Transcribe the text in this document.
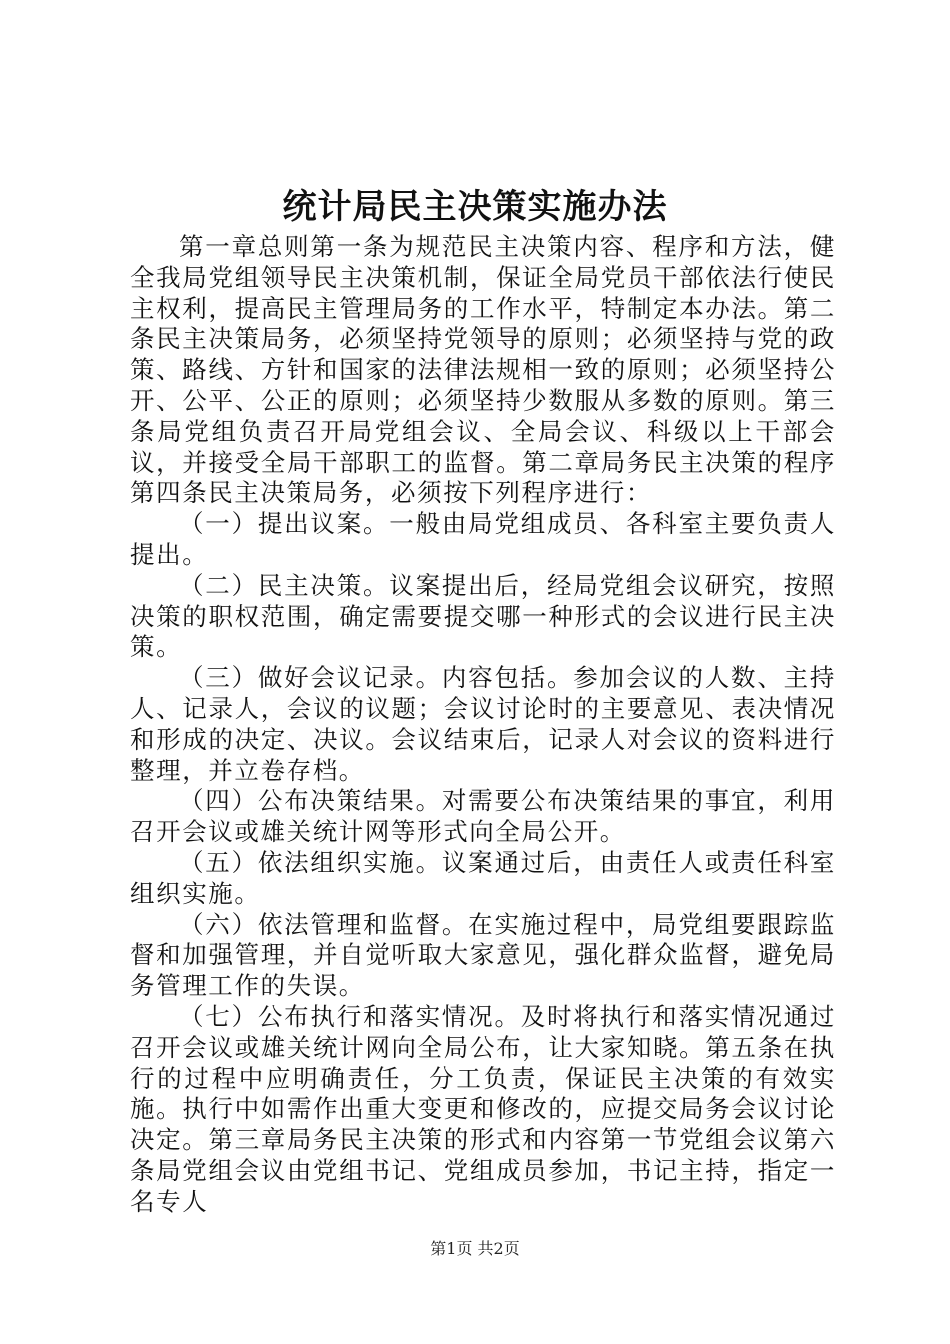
统计局民主决策实施办法

第一章总则第一条为规范民主决策内容、程序和方法，健全我局党组领导民主决策机制，保证全局党员干部依法行使民主权利，提高民主管理局务的工作水平，特制定本办法。第二条民主决策局务，必须坚持党领导的原则；必须坚持与党的政策、路线、方针和国家的法律法规相一致的原则；必须坚持公开、公平、公正的原则；必须坚持少数服从多数的原则。第三条局党组负责召开局党组会议、全局会议、科级以上干部会议，并接受全局干部职工的监督。第二章局务民主决策的程序第四条民主决策局务，必须按下列程序进行：

（一）提出议案。一般由局党组成员、各科室主要负责人提出。

（二）民主决策。议案提出后，经局党组会议研究，按照决策的职权范围，确定需要提交哪一种形式的会议进行民主决策。

（三）做好会议记录。内容包括。参加会议的人数、主持人、记录人，会议的议题；会议讨论时的主要意见、表决情况和形成的决定、决议。会议结束后，记录人对会议的资料进行整理，并立卷存档。

（四）公布决策结果。对需要公布决策结果的事宜，利用召开会议或雄关统计网等形式向全局公开。

（五）依法组织实施。议案通过后，由责任人或责任科室组织实施。

（六）依法管理和监督。在实施过程中，局党组要跟踪监督和加强管理，并自觉听取大家意见，强化群众监督，避免局务管理工作的失误。

（七）公布执行和落实情况。及时将执行和落实情况通过召开会议或雄关统计网向全局公布，让大家知晓。第五条在执行的过程中应明确责任，分工负责，保证民主决策的有效实施。执行中如需作出重大变更和修改的，应提交局务会议讨论决定。第三章局务民主决策的形式和内容第一节党组会议第六条局党组会议由党组书记、党组成员参加，书记主持，指定一名专人

第1页 共2页
